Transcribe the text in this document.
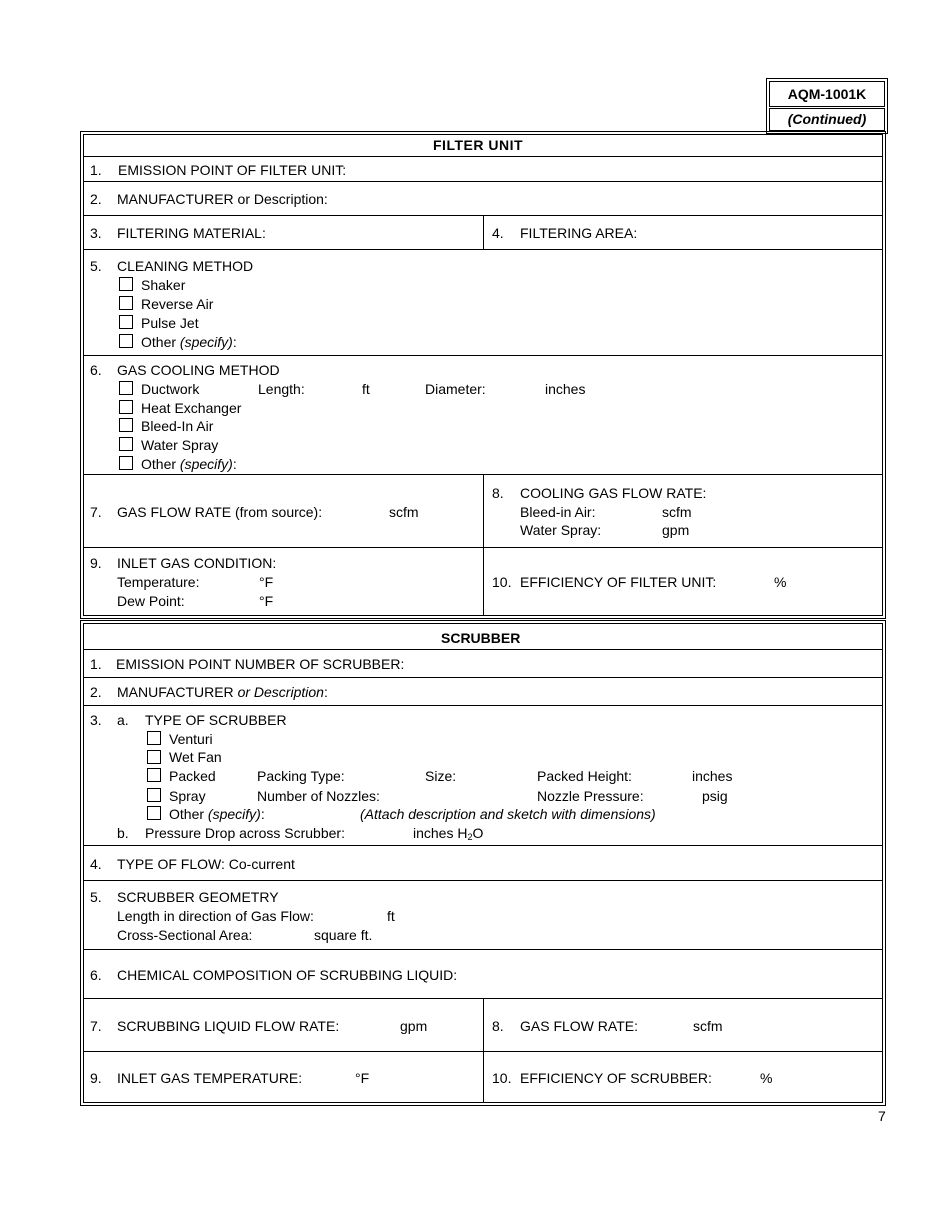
AQM-1001K
(Continued)
FILTER UNIT
1. EMISSION POINT OF FILTER UNIT:
2. MANUFACTURER or Description:
3. FILTERING MATERIAL:	4. FILTERING AREA:
5. CLEANING METHOD
Shaker
Reverse Air
Pulse Jet
Other (specify):
6. GAS COOLING METHOD
Ductwork	Length:	ft	Diameter:	inches
Heat Exchanger
Bleed-In Air
Water Spray
Other (specify):
7. GAS FLOW RATE (from source):	scfm
8. COOLING GAS FLOW RATE:
Bleed-in Air:	scfm
Water Spray:	gpm
9. INLET GAS CONDITION:
Temperature:	°F
Dew Point:	°F
10. EFFICIENCY OF FILTER UNIT:	%
SCRUBBER
1. EMISSION POINT NUMBER OF SCRUBBER:
2. MANUFACTURER or Description:
3. a. TYPE OF SCRUBBER
Venturi
Wet Fan
Packed	Packing Type:	Size:	Packed Height:	inches
Spray	Number of Nozzles:	Nozzle Pressure:	psig
Other (specify):	(Attach description and sketch with dimensions)
b. Pressure Drop across Scrubber:	inches $H_2O$
4. TYPE OF FLOW: Co-current
5. SCRUBBER GEOMETRY
Length in direction of Gas Flow:	ft
Cross-Sectional Area:	square ft.
6. CHEMICAL COMPOSITION OF SCRUBBING LIQUID:
7. SCRUBBING LIQUID FLOW RATE:	gpm	8. GAS FLOW RATE:	scfm
9. INLET GAS TEMPERATURE:	°F	10. EFFICIENCY OF SCRUBBER:	%
7
